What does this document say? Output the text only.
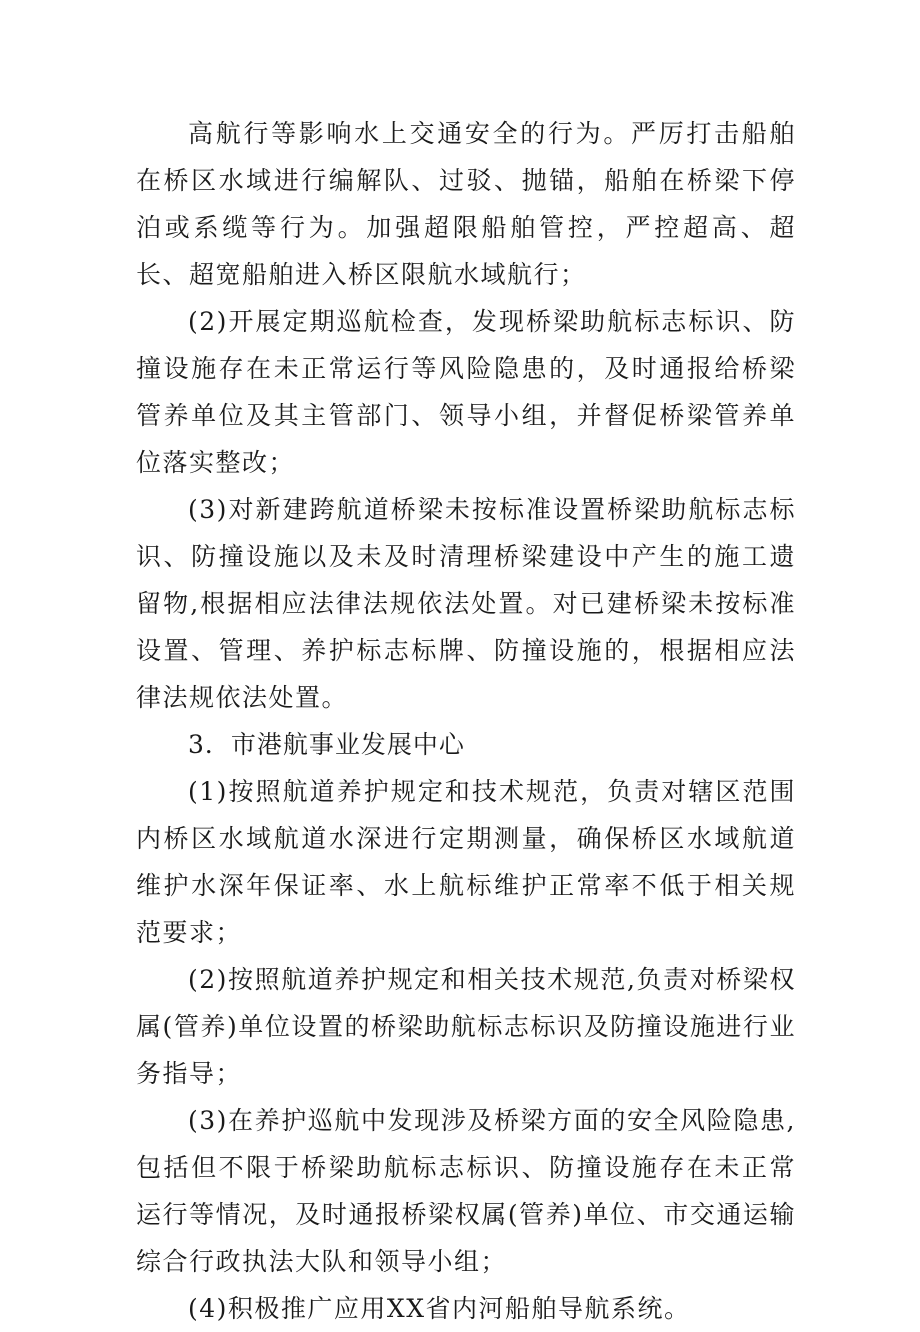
高航行等影响水上交通安全的行为。严厉打击船舶在桥区水域进行编解队、过驳、抛锚，船舶在桥梁下停泊或系缆等行为。加强超限船舶管控，严控超高、超长、超宽船舶进入桥区限航水域航行；

(2)开展定期巡航检查，发现桥梁助航标志标识、防撞设施存在未正常运行等风险隐患的，及时通报给桥梁管养单位及其主管部门、领导小组，并督促桥梁管养单位落实整改；

(3)对新建跨航道桥梁未按标准设置桥梁助航标志标识、防撞设施以及未及时清理桥梁建设中产生的施工遗留物,根据相应法律法规依法处置。对已建桥梁未按标准设置、管理、养护标志标牌、防撞设施的，根据相应法律法规依法处置。

3．市港航事业发展中心

(1)按照航道养护规定和技术规范，负责对辖区范围内桥区水域航道水深进行定期测量，确保桥区水域航道维护水深年保证率、水上航标维护正常率不低于相关规范要求；

(2)按照航道养护规定和相关技术规范,负责对桥梁权属(管养)单位设置的桥梁助航标志标识及防撞设施进行业务指导；

(3)在养护巡航中发现涉及桥梁方面的安全风险隐患,包括但不限于桥梁助航标志标识、防撞设施存在未正常运行等情况，及时通报桥梁权属(管养)单位、市交通运输综合行政执法大队和领导小组；

(4)积极推广应用XX省内河船舶导航系统。
